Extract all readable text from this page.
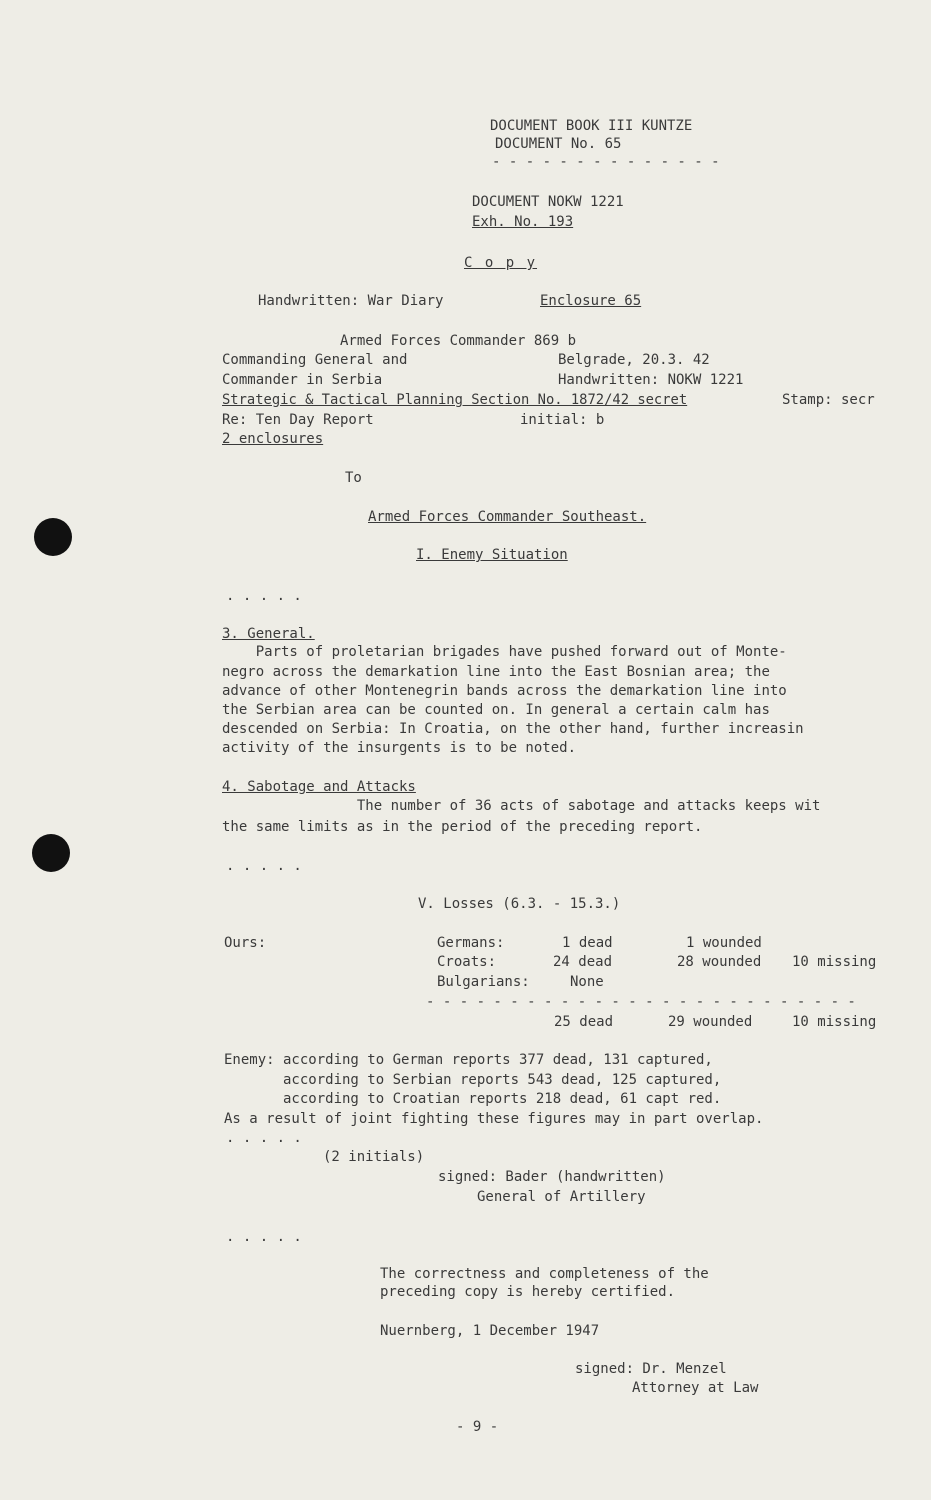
DOCUMENT BOOK III KUNTZE
DOCUMENT No. 65
- - - - - - - - - - - - - -
DOCUMENT NOKW 1221
Exh. No. 193
C o p y
Handwritten: War Diary	Enclosure 65
Armed Forces Commander 869 b
Commanding General and	Belgrade, 20.3. 42
Commander in Serbia	Handwritten: NOKW 1221
Strategic & Tactical Planning Section No. 1872/42 secret	Stamp: secr
Re: Ten Day Report	initial: b
2 enclosures
To
Armed Forces Commander Southeast.
I. Enemy Situation
. . . . .
3. General.
Parts of proletarian brigades have pushed forward out of Monte-
negro across the demarkation line into the East Bosnian area; the
advance of other Montenegrin bands across the demarkation line into
the Serbian area can be counted on. In general a certain calm has
descended on Serbia: In Croatia, on the other hand, further increasin
activity of the insurgents is to be noted.
4. Sabotage and Attacks
The number of 36 acts of sabotage and attacks keeps wit
the same limits as in the period of the preceding report.
. . . . .
V. Losses (6.3. - 15.3.)
Ours:	Germans:	1 dead	1 wounded
Croats:	24 dead	28 wounded 10 missing
Bulgarians:	None
- - - - - - - - - - - - - - - - - - - - - - - - - -
25 dead	29 wounded	10 missing
Enemy: according to German reports 377 dead, 131 captured,
according to Serbian reports 543 dead, 125 captured,
according to Croatian reports 218 dead, 61 capt red.
As a result of joint fighting these figures may in part overlap.
. . . . .
(2 initials)
signed: Bader (handwritten)
General of Artillery
. . . . .
The correctness and completeness of the
preceding copy is hereby certified.
Nuernberg, 1 December 1947
signed: Dr. Menzel
Attorney at Law
- 9 -
